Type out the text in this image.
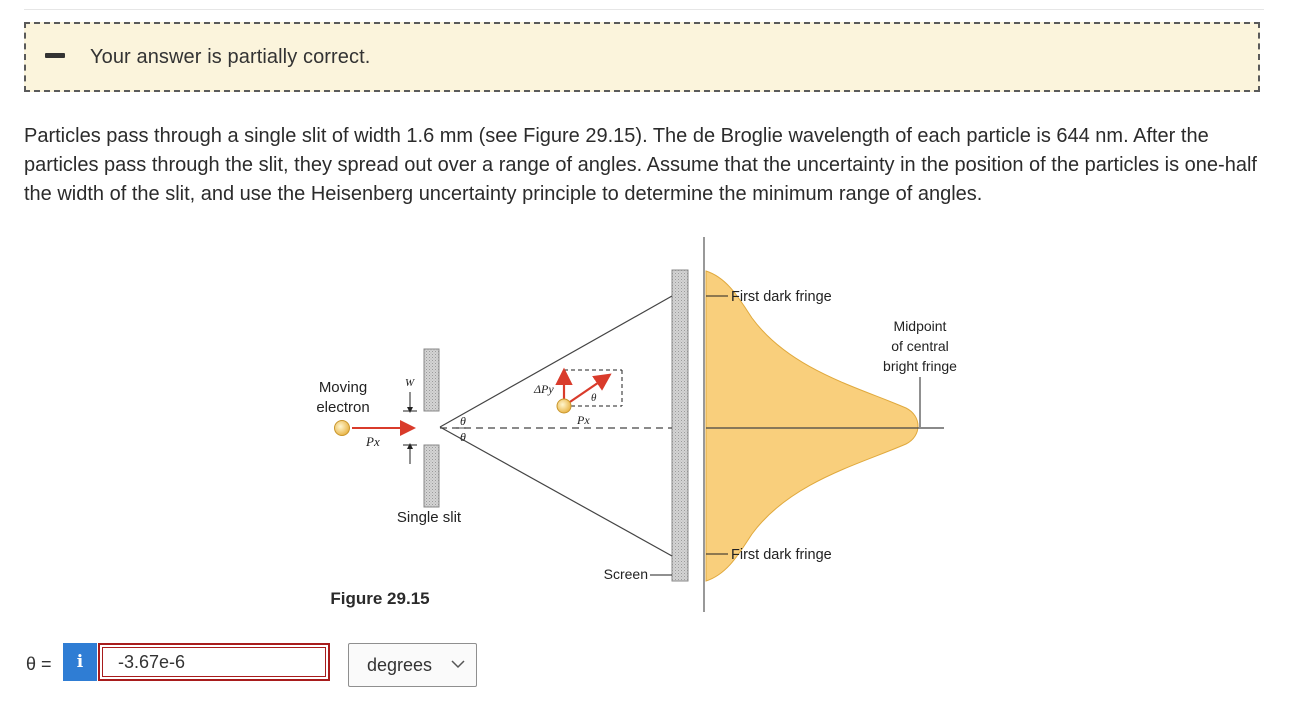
Your answer is partially correct.

Particles pass through a single slit of width 1.6 mm (see Figure 29.15). The de Broglie wavelength of each particle is 644 nm. After the particles pass through the slit, they spread out over a range of angles. Assume that the uncertainty in the position of the particles is one-half the width of the slit, and use the Heisenberg uncertainty principle to determine the minimum range of angles.

Moving
electron
Px
W
θ
θ
Single slit
ΔPy
θ
Px
Screen
First dark fringe
First dark fringe
Midpoint
of central
bright fringe
Figure 29.15
θ =	i
-3.67e-6	degrees
